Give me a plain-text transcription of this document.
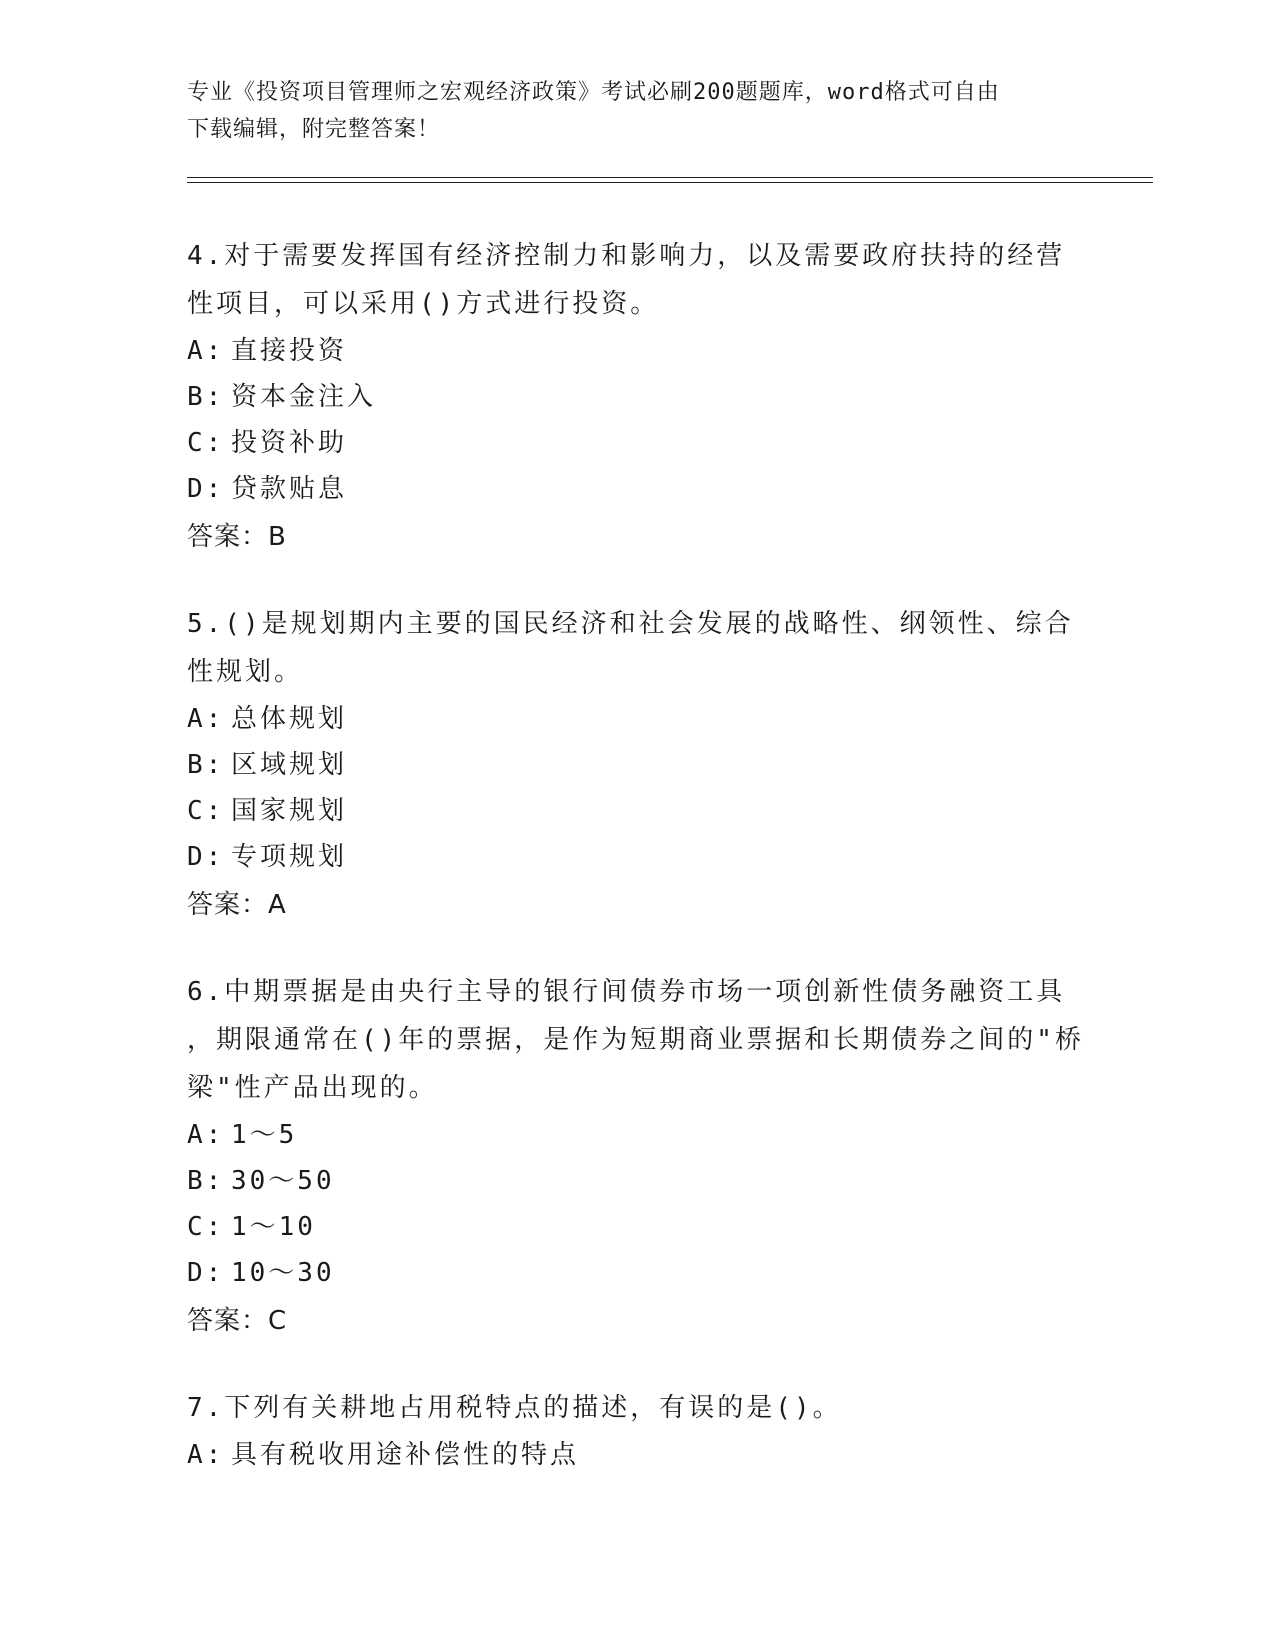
专业《投资项目管理师之宏观经济政策》考试必刷200题题库，word格式可自由
下载编辑，附完整答案！
4.对于需要发挥国有经济控制力和影响力，以及需要政府扶持的经营
性项目，可以采用()方式进行投资。
A: 直接投资
B: 资本金注入
C: 投资补助
D: 贷款贴息
答案：B
5.()是规划期内主要的国民经济和社会发展的战略性、纲领性、综合
性规划。
A: 总体规划
B: 区域规划
C: 国家规划
D: 专项规划
答案：A
6.中期票据是由央行主导的银行间债券市场一项创新性债务融资工具
，期限通常在()年的票据，是作为短期商业票据和长期债券之间的"桥
梁"性产品出现的。
A: 1～5
B: 30～50
C: 1～10
D: 10～30
答案：C
7.下列有关耕地占用税特点的描述，有误的是()。
A: 具有税收用途补偿性的特点
